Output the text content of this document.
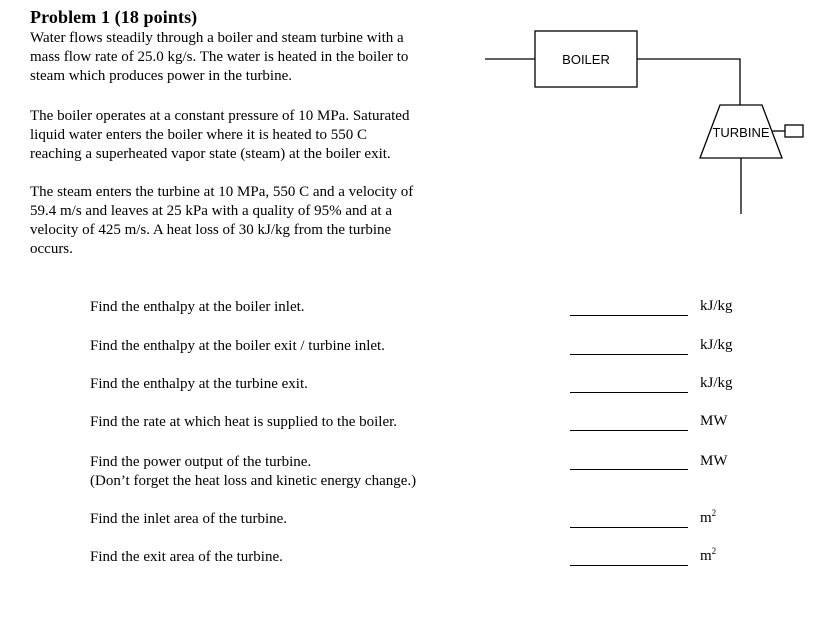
Problem 1 (18 points)
Water flows steadily through a boiler and steam turbine with a
mass flow rate of 25.0 kg/s. The water is heated in the boiler to
steam which produces power in the turbine.
The boiler operates at a constant pressure of 10 MPa. Saturated
liquid water enters the boiler where it is heated to 550 C
reaching a superheated vapor state (steam) at the boiler exit.
The steam enters the turbine at 10 MPa, 550 C and a velocity of
59.4 m/s and leaves at 25 kPa with a quality of 95% and at a
velocity of 425 m/s. A heat loss of 30 kJ/kg from the turbine
occurs.
BOILER
TURBINE
Find the enthalpy at the boiler inlet.	kJ/kg
Find the enthalpy at the boiler exit / turbine inlet.	kJ/kg
Find the enthalpy at the turbine exit.	kJ/kg
Find the rate at which heat is supplied to the boiler.	MW
Find the power output of the turbine.
(Don’t forget the heat loss and kinetic energy change.)
MW
Find the inlet area of the turbine.	$m^2$
Find the exit area of the turbine.	$m^2$
